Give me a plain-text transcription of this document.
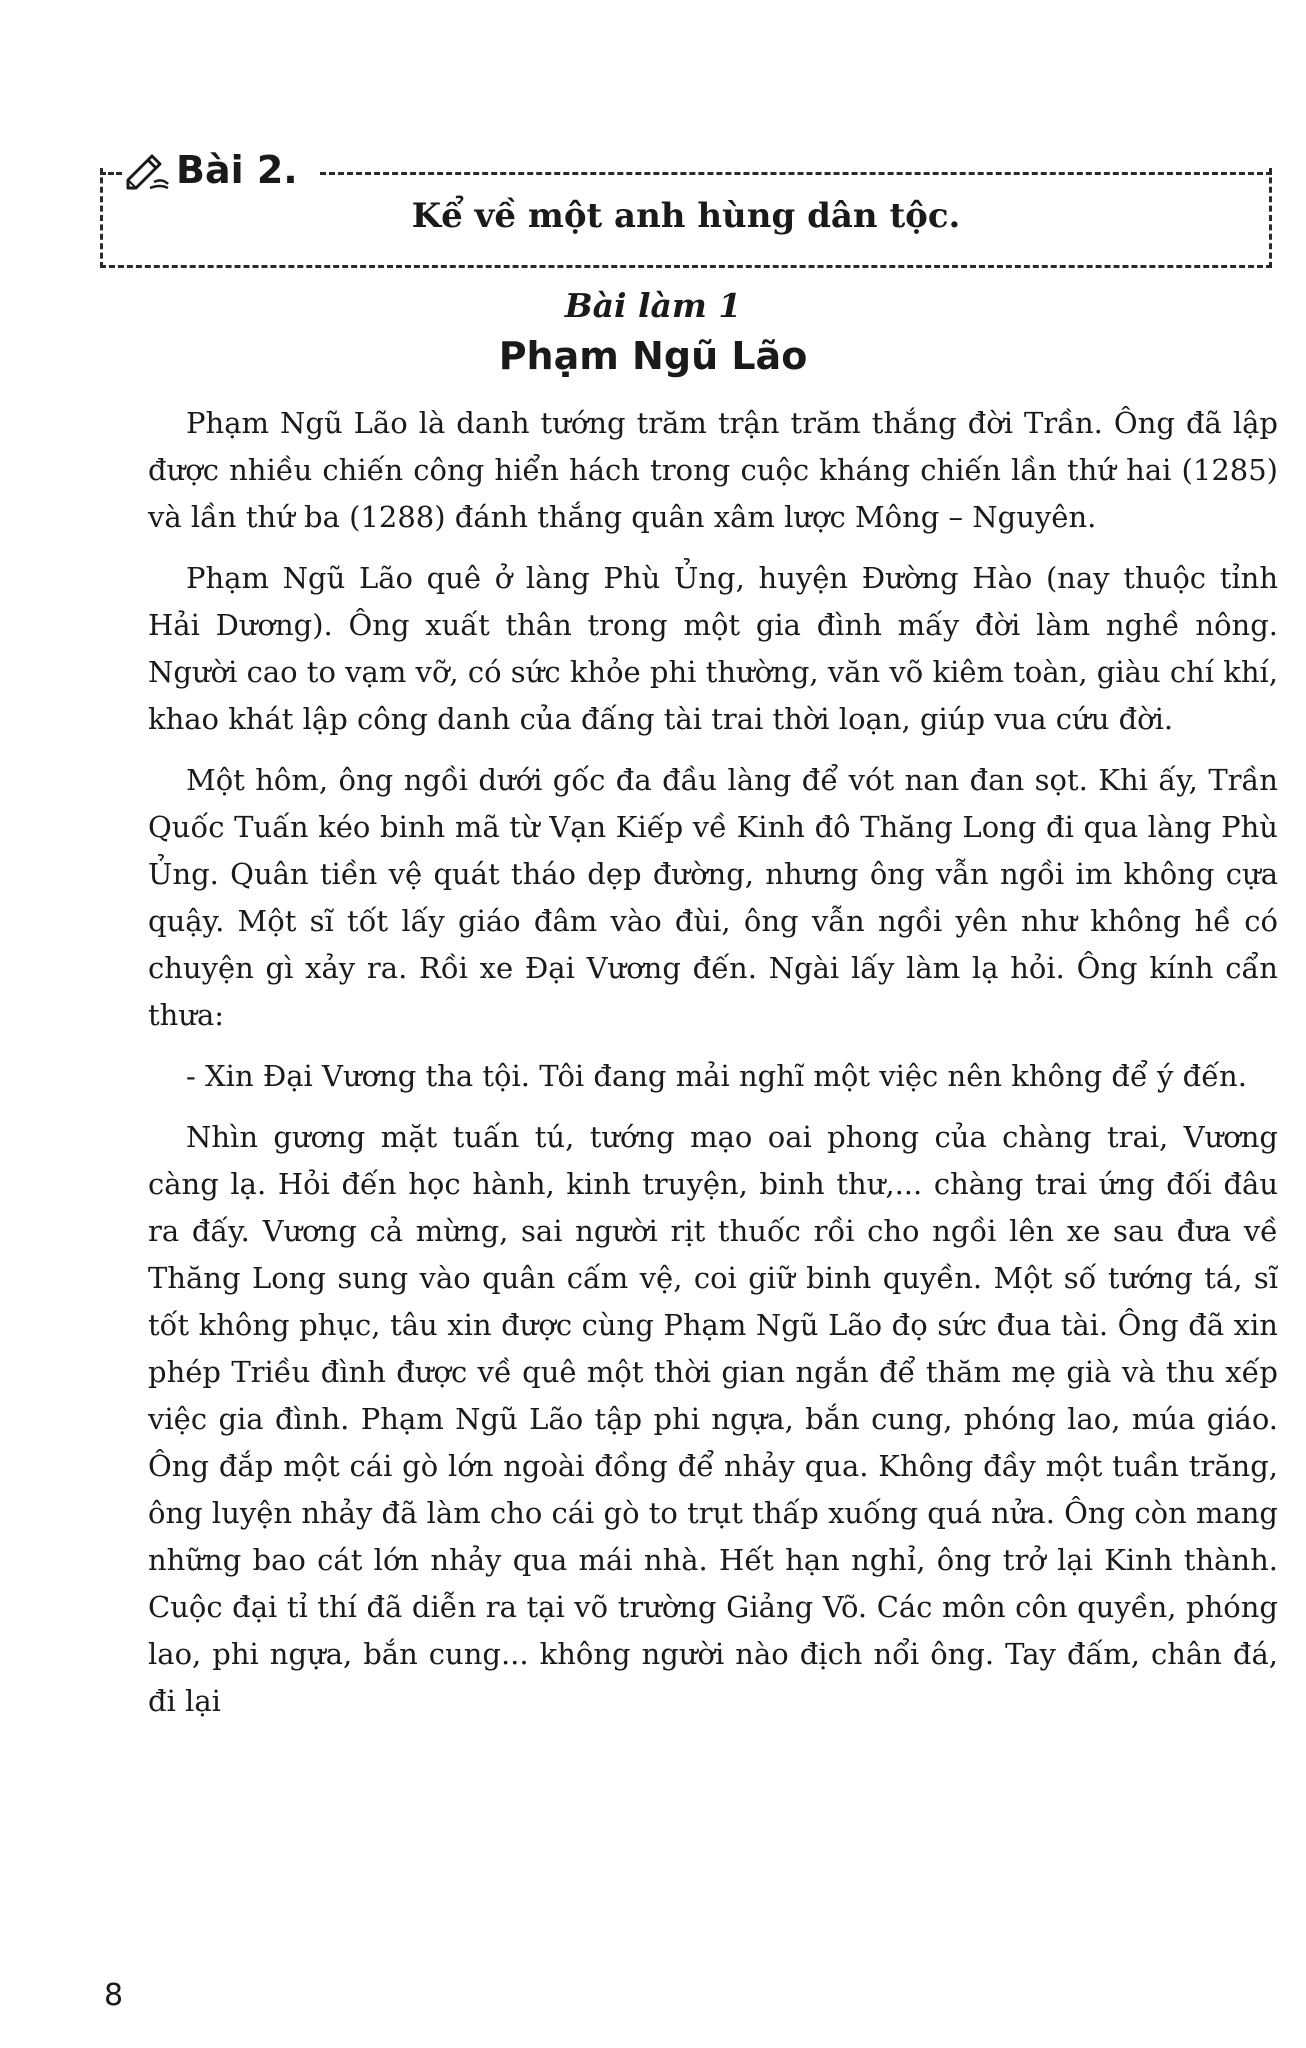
Bài 2.
Kể về một anh hùng dân tộc.
Bài làm 1
Phạm Ngũ Lão

Phạm Ngũ Lão là danh tướng trăm trận trăm thắng đời Trần. Ông đã lập được nhiều chiến công hiển hách trong cuộc kháng chiến lần thứ hai (1285) và lần thứ ba (1288) đánh thắng quân xâm lược Mông – Nguyên.

Phạm Ngũ Lão quê ở làng Phù Ủng, huyện Đường Hào (nay thuộc tỉnh Hải Dương). Ông xuất thân trong một gia đình mấy đời làm nghề nông. Người cao to vạm vỡ, có sức khỏe phi thường, văn võ kiêm toàn, giàu chí khí, khao khát lập công danh của đấng tài trai thời loạn, giúp vua cứu đời.

Một hôm, ông ngồi dưới gốc đa đầu làng để vót nan đan sọt. Khi ấy, Trần Quốc Tuấn kéo binh mã từ Vạn Kiếp về Kinh đô Thăng Long đi qua làng Phù Ủng. Quân tiền vệ quát tháo dẹp đường, nhưng ông vẫn ngồi im không cựa quậy. Một sĩ tốt lấy giáo đâm vào đùi, ông vẫn ngồi yên như không hề có chuyện gì xảy ra. Rồi xe Đại Vương đến. Ngài lấy làm lạ hỏi. Ông kính cẩn thưa:

- Xin Đại Vương tha tội. Tôi đang mải nghĩ một việc nên không để ý đến.

Nhìn gương mặt tuấn tú, tướng mạo oai phong của chàng trai, Vương càng lạ. Hỏi đến học hành, kinh truyện, binh thư,... chàng trai ứng đối đâu ra đấy. Vương cả mừng, sai người rịt thuốc rồi cho ngồi lên xe sau đưa về Thăng Long sung vào quân cấm vệ, coi giữ binh quyền. Một số tướng tá, sĩ tốt không phục, tâu xin được cùng Phạm Ngũ Lão đọ sức đua tài. Ông đã xin phép Triều đình được về quê một thời gian ngắn để thăm mẹ già và thu xếp việc gia đình. Phạm Ngũ Lão tập phi ngựa, bắn cung, phóng lao, múa giáo. Ông đắp một cái gò lớn ngoài đồng để nhảy qua. Không đầy một tuần trăng, ông luyện nhảy đã làm cho cái gò to trụt thấp xuống quá nửa. Ông còn mang những bao cát lớn nhảy qua mái nhà. Hết hạn nghỉ, ông trở lại Kinh thành. Cuộc đại tỉ thí đã diễn ra tại võ trường Giảng Võ. Các môn côn quyền, phóng lao, phi ngựa, bắn cung... không người nào địch nổi ông. Tay đấm, chân đá, đi lại

8
